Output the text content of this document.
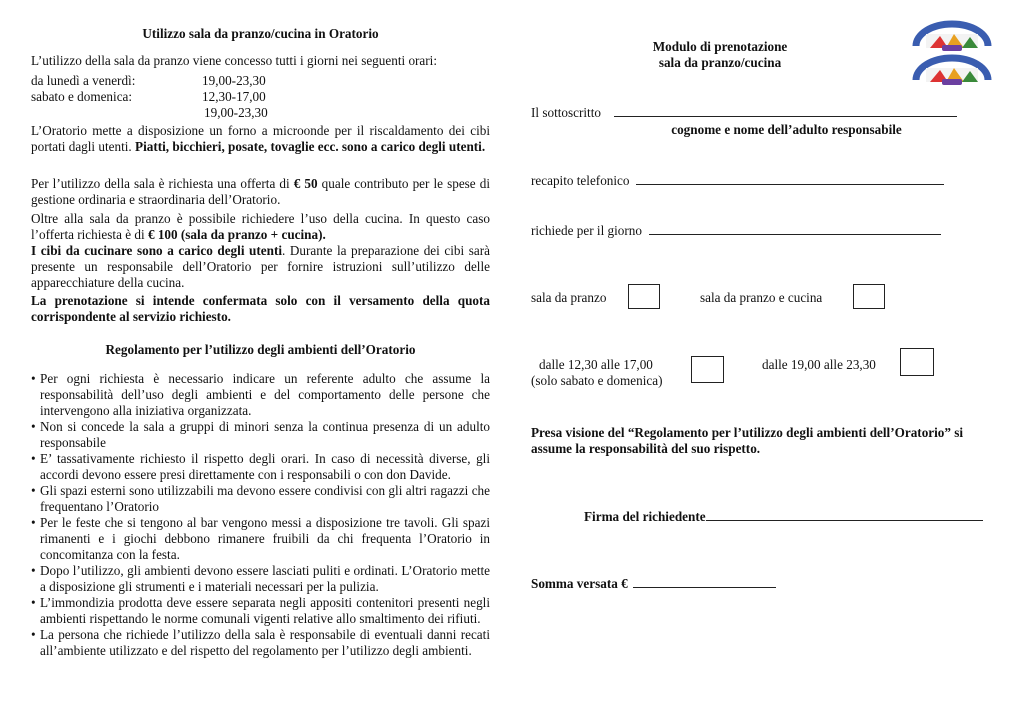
Utilizzo sala da pranzo/cucina in Oratorio

L’utilizzo della sala da pranzo viene concesso tutti i giorni nei seguenti orari:

da lunedì a venerdì:	19,00-23,30
sabato e domenica:	12,30-17,00
19,00-23,30

L’Oratorio mette a disposizione un forno a microonde per il riscaldamento dei cibi portati dagli utenti. Piatti, bicchieri, posate, tovaglie ecc. sono a carico degli utenti.

Per l’utilizzo della sala è richiesta una offerta di € 50 quale contributo per le spese di gestione ordinaria e straordinaria dell’Oratorio.

Oltre alla sala da pranzo è possibile richiedere l’uso della cucina. In questo caso l’offerta richiesta è di € 100 (sala da pranzo + cucina).
I cibi da cucinare sono a carico degli utenti. Durante la preparazione dei cibi sarà presente un responsabile dell’Oratorio per fornire istruzioni sull’utilizzo delle apparecchiature della cucina.

La prenotazione si intende confermata solo con il versamento della quota corrispondente al servizio richiesto.

Regolamento per l’utilizzo degli ambienti dell’Oratorio
• Per ogni richiesta è necessario indicare un referente adulto che assume la responsabilità dell’uso degli ambienti e del comportamento delle persone che intervengono alla iniziativa organizzata.
• Non si concede la sala a gruppi di minori senza la continua presenza di un adulto responsabile
• E’ tassativamente richiesto il rispetto degli orari. In caso di necessità diverse, gli accordi devono essere presi direttamente con i responsabili o con don Davide.
• Gli spazi esterni sono utilizzabili ma devono essere condivisi con gli altri ragazzi che frequentano l’Oratorio
• Per le feste che si tengono al bar vengono messi a disposizione tre tavoli. Gli spazi rimanenti e i giochi debbono rimanere fruibili da chi frequenta l’Oratorio in concomitanza con la festa.
• Dopo l’utilizzo, gli ambienti devono essere lasciati puliti e ordinati. L’Oratorio mette a disposizione gli strumenti e i materiali necessari per la pulizia.
• L’immondizia prodotta deve essere separata negli appositi contenitori presenti negli ambienti rispettando le norme comunali vigenti relative allo smaltimento dei rifiuti.
• La persona che richiede l’utilizzo della sala è responsabile di eventuali danni recati all’ambiente utilizzato e del rispetto del regolamento per l’utilizzo degli ambienti.
Modulo di prenotazione
sala da pranzo/cucina
Il sottoscritto
cognome e nome dell’adulto responsabile
recapito telefonico
richiede per il giorno
sala da pranzo	sala da pranzo e cucina
dalle 12,30 alle 17,00
(solo sabato e domenica)
dalle 19,00 alle 23,30

Presa visione del “Regolamento per l’utilizzo degli ambienti dell’Oratorio” si assume la responsabilità del suo rispetto.

Firma del richiedente
Somma versata €
